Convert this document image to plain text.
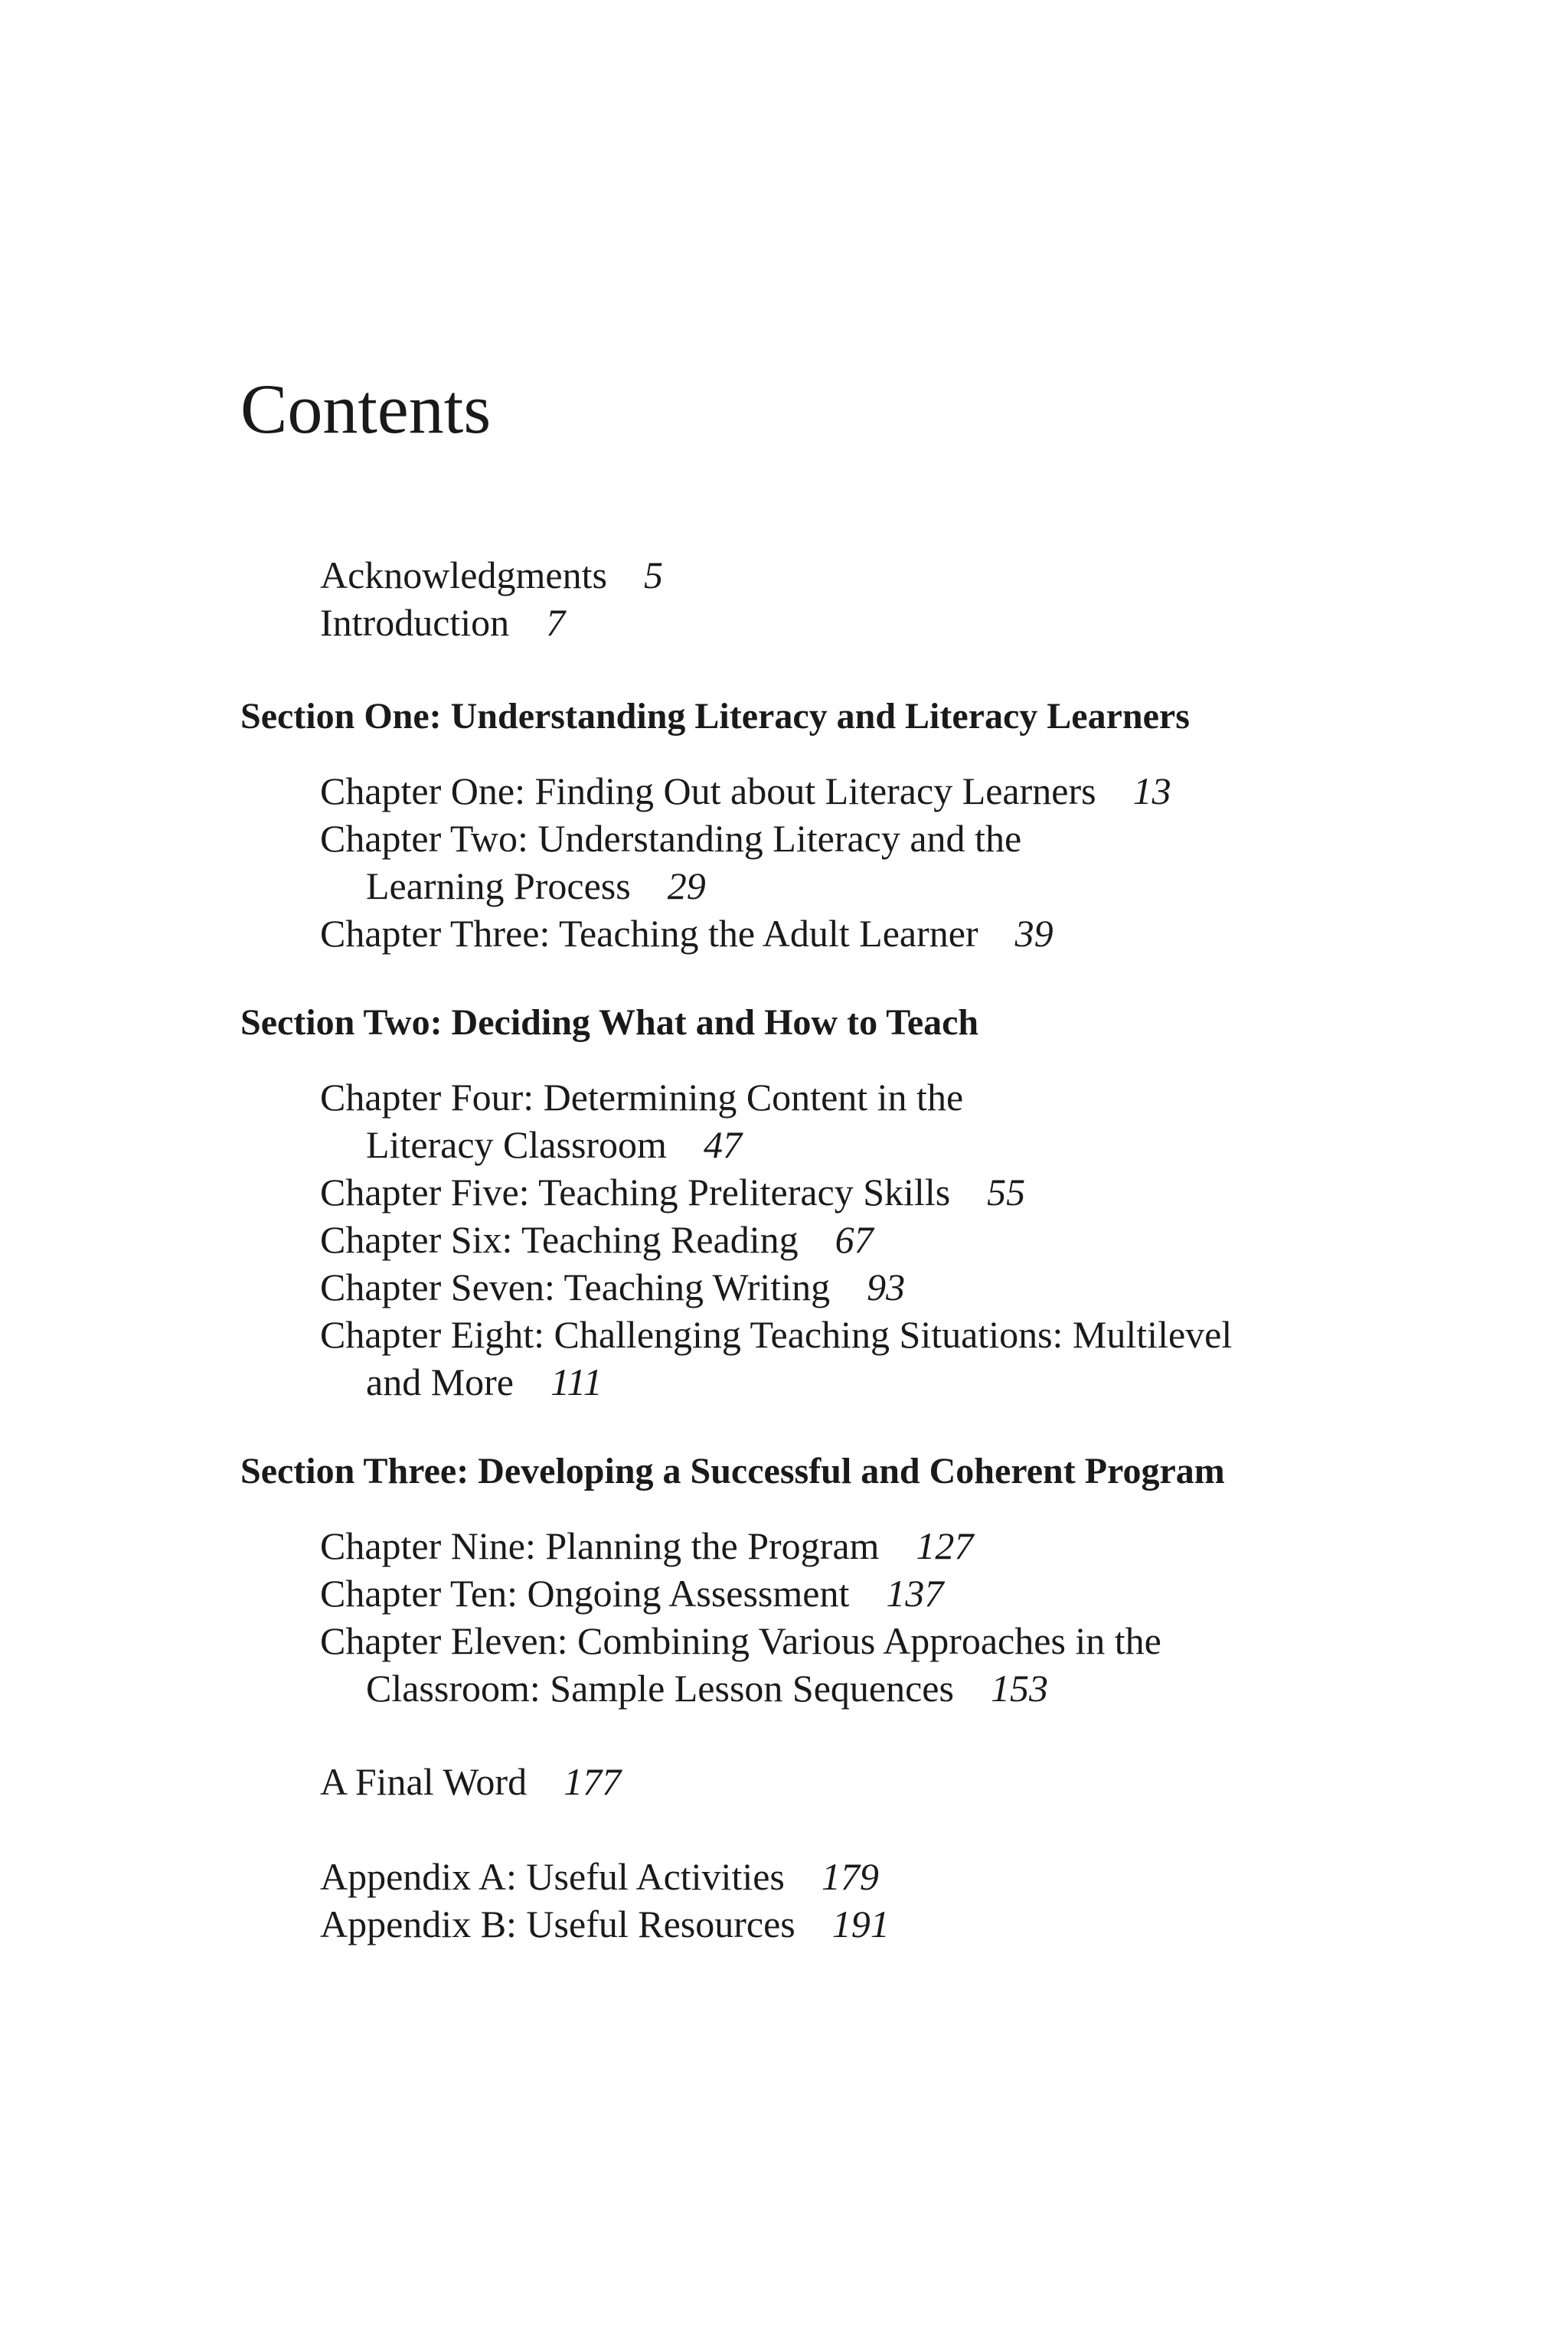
Contents
Acknowledgments 5
Introduction 7
Section One: Understanding Literacy and Literacy Learners
Chapter One: Finding Out about Literacy Learners 13
Chapter Two: Understanding Literacy and the
Learning Process 29
Chapter Three: Teaching the Adult Learner 39
Section Two: Deciding What and How to Teach
Chapter Four: Determining Content in the
Literacy Classroom 47
Chapter Five: Teaching Preliteracy Skills 55
Chapter Six: Teaching Reading 67
Chapter Seven: Teaching Writing 93
Chapter Eight: Challenging Teaching Situations: Multilevel
and More 111
Section Three: Developing a Successful and Coherent Program
Chapter Nine: Planning the Program 127
Chapter Ten: Ongoing Assessment 137
Chapter Eleven: Combining Various Approaches in the
Classroom: Sample Lesson Sequences 153
A Final Word 177
Appendix A: Useful Activities 179
Appendix B: Useful Resources 191
